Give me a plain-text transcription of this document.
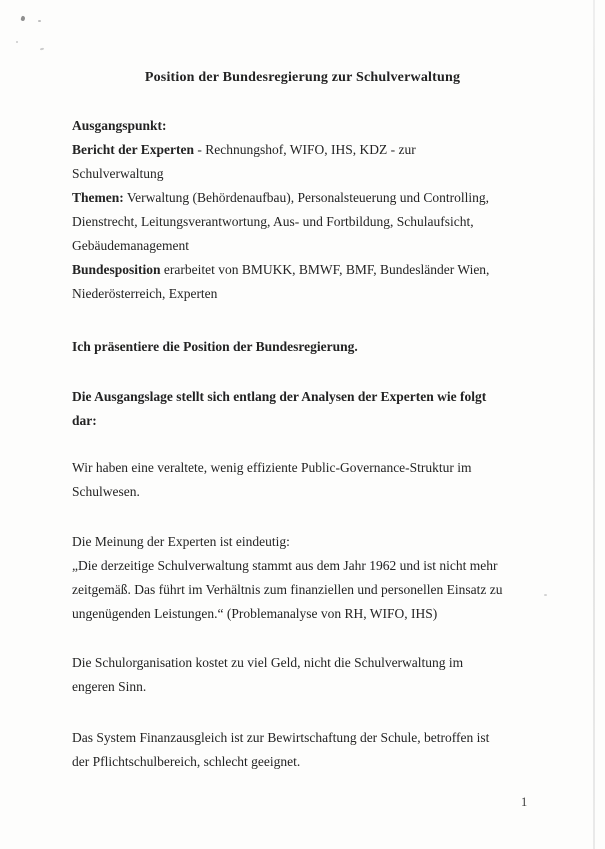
Position der Bundesregierung zur Schulverwaltung
Ausgangspunkt:
Bericht der Experten - Rechnungshof, WIFO, IHS, KDZ - zur
Schulverwaltung
Themen: Verwaltung (Behördenaufbau), Personalsteuerung und Controlling,
Dienstrecht, Leitungsverantwortung, Aus- und Fortbildung, Schulaufsicht,
Gebäudemanagement
Bundesposition erarbeitet von BMUKK, BMWF, BMF, Bundesländer Wien,
Niederösterreich, Experten
Ich präsentiere die Position der Bundesregierung.
Die Ausgangslage stellt sich entlang der Analysen der Experten wie folgt
dar:
Wir haben eine veraltete, wenig effiziente Public-Governance-Struktur im
Schulwesen.
Die Meinung der Experten ist eindeutig:
„Die derzeitige Schulverwaltung stammt aus dem Jahr 1962 und ist nicht mehr
zeitgemäß. Das führt im Verhältnis zum finanziellen und personellen Einsatz zu
ungenügenden Leistungen.“ (Problemanalyse von RH, WIFO, IHS)
Die Schulorganisation kostet zu viel Geld, nicht die Schulverwaltung im
engeren Sinn.
Das System Finanzausgleich ist zur Bewirtschaftung der Schule, betroffen ist
der Pflichtschulbereich, schlecht geeignet.
1
